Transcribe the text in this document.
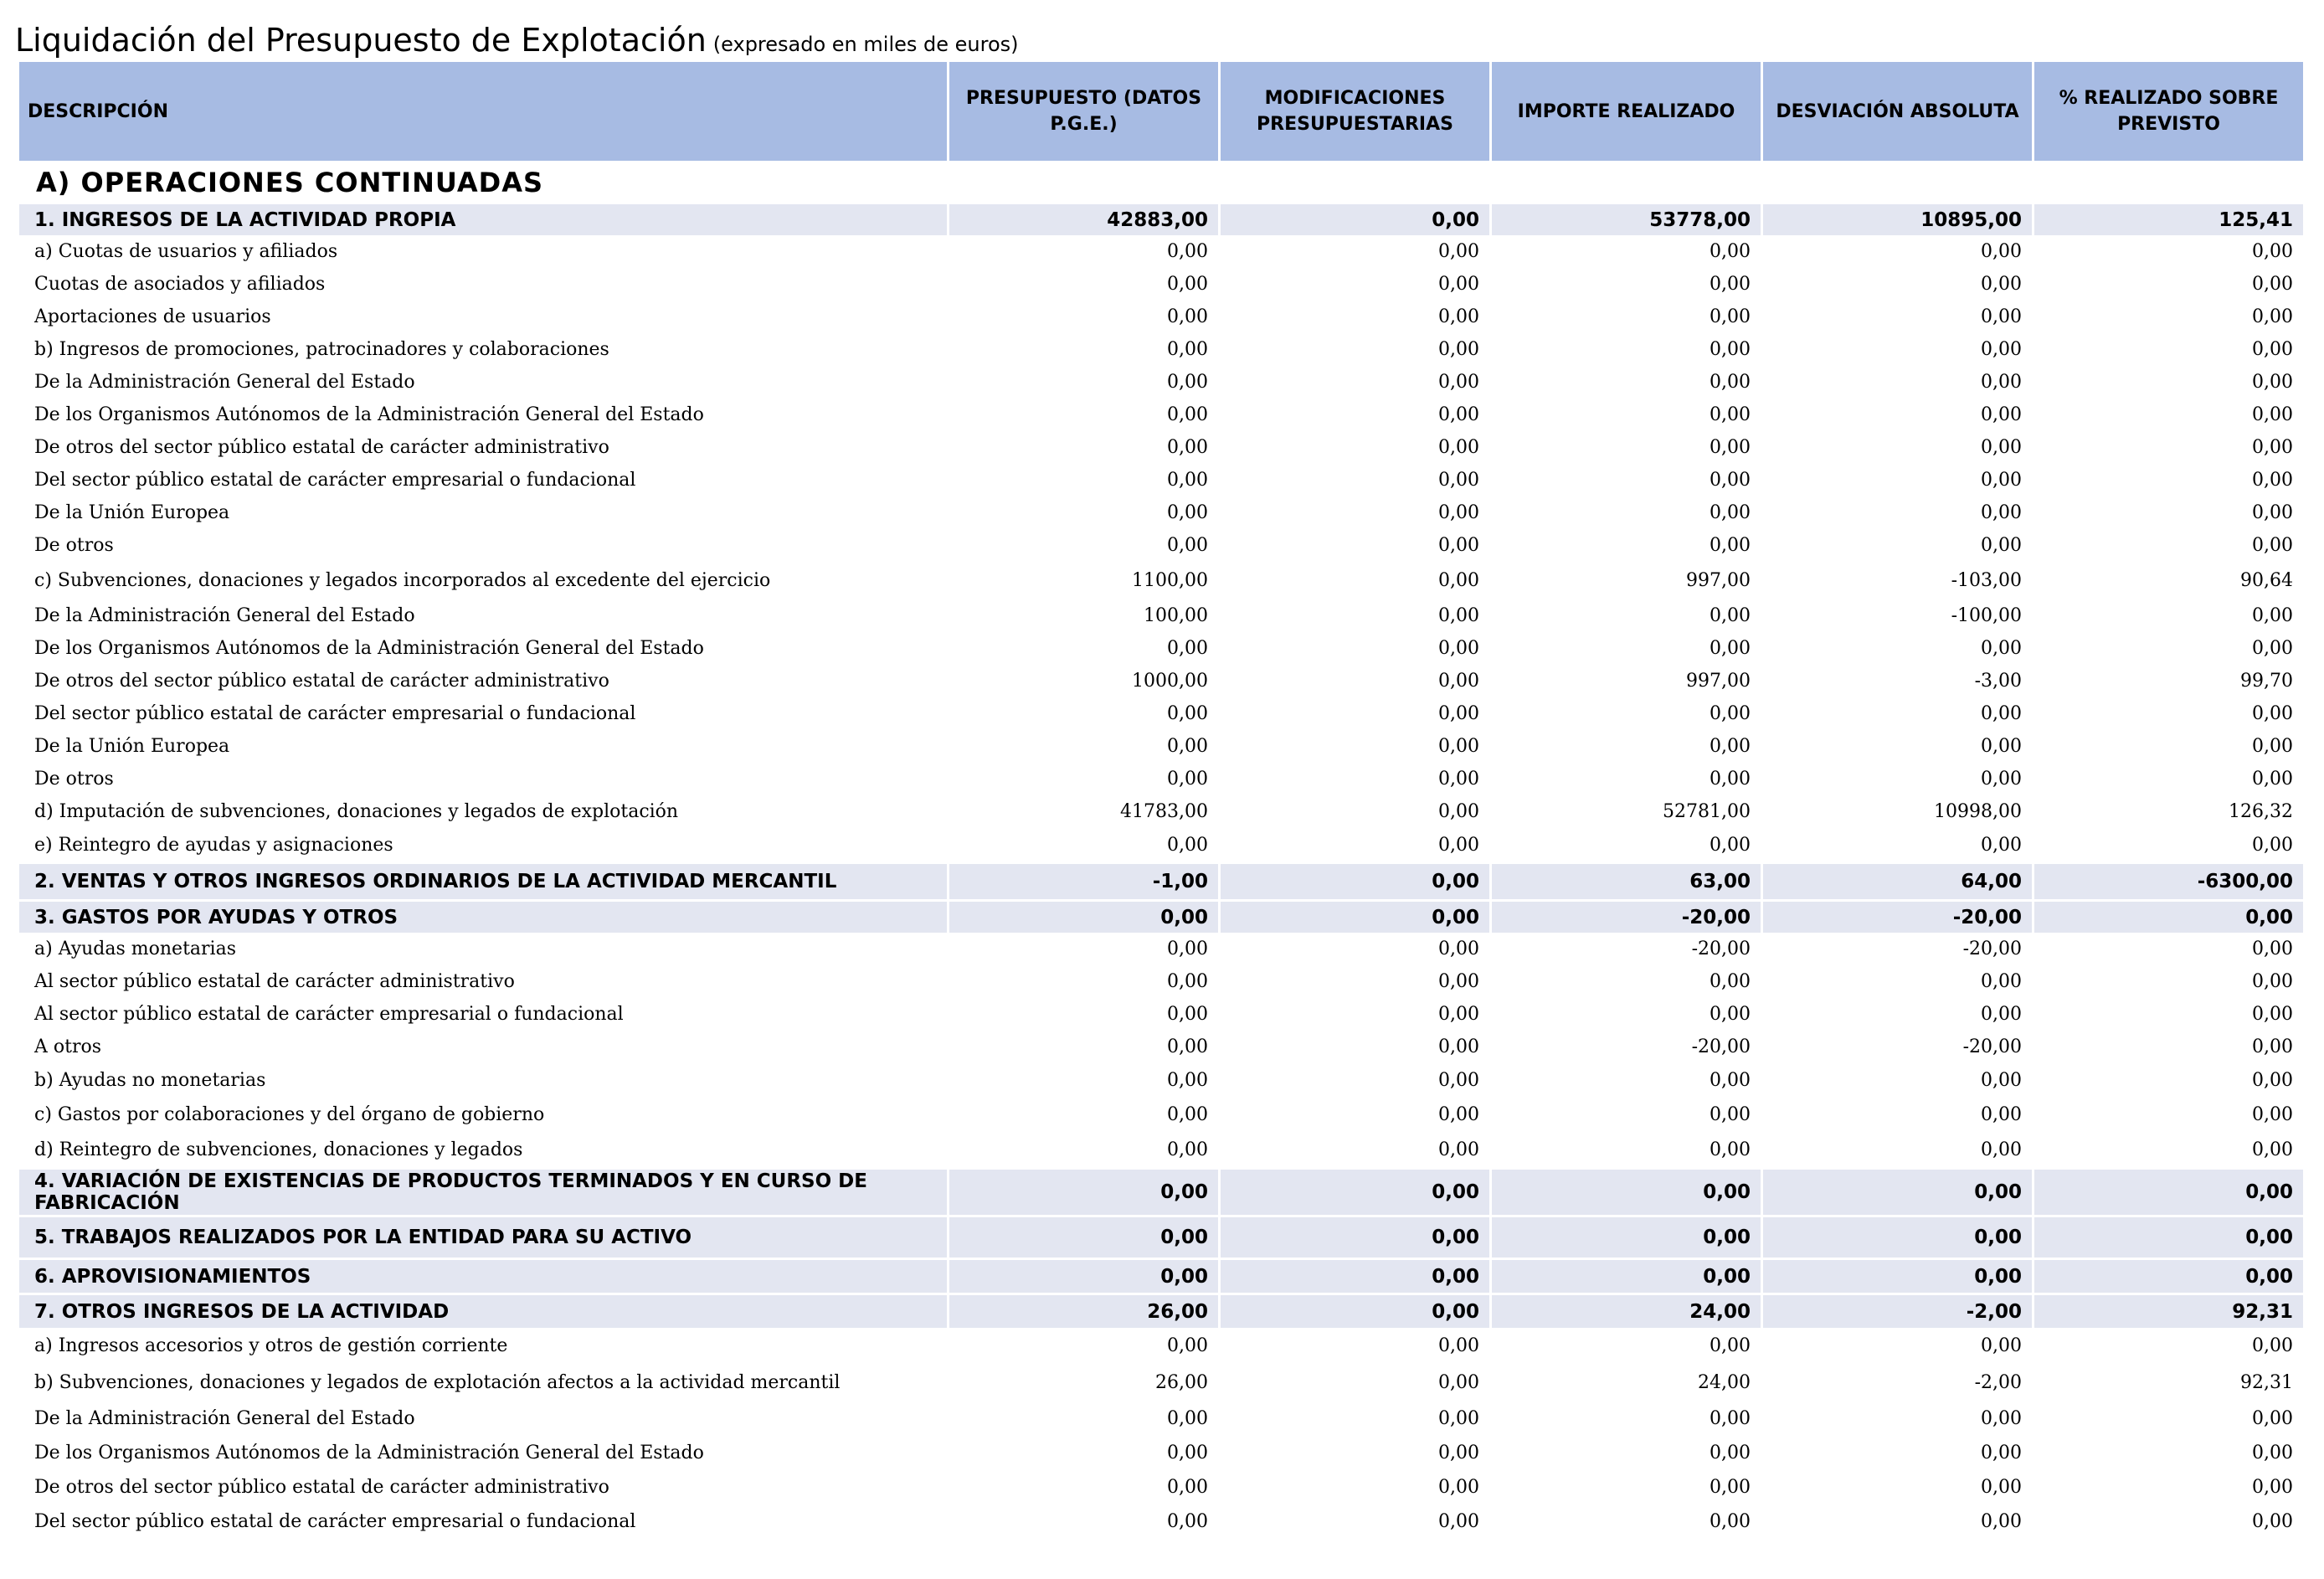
Liquidación del Presupuesto de Explotación (expresado en miles de euros)
DESCRIPCIÓN	PRESUPUESTO (DATOS P.G.E.)	MODIFICACIONES PRESUPUESTARIAS	IMPORTE REALIZADO	DESVIACIÓN ABSOLUTA	% REALIZADO SOBRE PREVISTO
A) OPERACIONES CONTINUADAS					
1. INGRESOS DE LA ACTIVIDAD PROPIA	42883,00	0,00	53778,00	10895,00	125,41
a) Cuotas de usuarios y afiliados	0,00	0,00	0,00	0,00	0,00
Cuotas de asociados y afiliados	0,00	0,00	0,00	0,00	0,00
Aportaciones de usuarios	0,00	0,00	0,00	0,00	0,00
b) Ingresos de promociones, patrocinadores y colaboraciones	0,00	0,00	0,00	0,00	0,00
De la Administración General del Estado	0,00	0,00	0,00	0,00	0,00
De los Organismos Autónomos de la Administración General del Estado	0,00	0,00	0,00	0,00	0,00
De otros del sector público estatal de carácter administrativo	0,00	0,00	0,00	0,00	0,00
Del sector público estatal de carácter empresarial o fundacional	0,00	0,00	0,00	0,00	0,00
De la Unión Europea	0,00	0,00	0,00	0,00	0,00
De otros	0,00	0,00	0,00	0,00	0,00
c) Subvenciones, donaciones y legados incorporados al excedente del ejercicio	1100,00	0,00	997,00	-103,00	90,64
De la Administración General del Estado	100,00	0,00	0,00	-100,00	0,00
De los Organismos Autónomos de la Administración General del Estado	0,00	0,00	0,00	0,00	0,00
De otros del sector público estatal de carácter administrativo	1000,00	0,00	997,00	-3,00	99,70
Del sector público estatal de carácter empresarial o fundacional	0,00	0,00	0,00	0,00	0,00
De la Unión Europea	0,00	0,00	0,00	0,00	0,00
De otros	0,00	0,00	0,00	0,00	0,00
d) Imputación de subvenciones, donaciones y legados de explotación	41783,00	0,00	52781,00	10998,00	126,32
e) Reintegro de ayudas y asignaciones	0,00	0,00	0,00	0,00	0,00
2. VENTAS Y OTROS INGRESOS ORDINARIOS DE LA ACTIVIDAD MERCANTIL	-1,00	0,00	63,00	64,00	-6300,00
3. GASTOS POR AYUDAS Y OTROS	0,00	0,00	-20,00	-20,00	0,00
a) Ayudas monetarias	0,00	0,00	-20,00	-20,00	0,00
Al sector público estatal de carácter administrativo	0,00	0,00	0,00	0,00	0,00
Al sector público estatal de carácter empresarial o fundacional	0,00	0,00	0,00	0,00	0,00
A otros	0,00	0,00	-20,00	-20,00	0,00
b) Ayudas no monetarias	0,00	0,00	0,00	0,00	0,00
c) Gastos por colaboraciones y del órgano de gobierno	0,00	0,00	0,00	0,00	0,00
d) Reintegro de subvenciones, donaciones y legados	0,00	0,00	0,00	0,00	0,00
4. VARIACIÓN DE EXISTENCIAS DE PRODUCTOS TERMINADOS Y EN CURSO DE FABRICACIÓN	0,00	0,00	0,00	0,00	0,00
5. TRABAJOS REALIZADOS POR LA ENTIDAD PARA SU ACTIVO	0,00	0,00	0,00	0,00	0,00
6. APROVISIONAMIENTOS	0,00	0,00	0,00	0,00	0,00
7. OTROS INGRESOS DE LA ACTIVIDAD	26,00	0,00	24,00	-2,00	92,31
a) Ingresos accesorios y otros de gestión corriente	0,00	0,00	0,00	0,00	0,00
b) Subvenciones, donaciones y legados de explotación afectos a la actividad mercantil	26,00	0,00	24,00	-2,00	92,31
De la Administración General del Estado	0,00	0,00	0,00	0,00	0,00
De los Organismos Autónomos de la Administración General del Estado	0,00	0,00	0,00	0,00	0,00
De otros del sector público estatal de carácter administrativo	0,00	0,00	0,00	0,00	0,00
Del sector público estatal de carácter empresarial o fundacional	0,00	0,00	0,00	0,00	0,00
